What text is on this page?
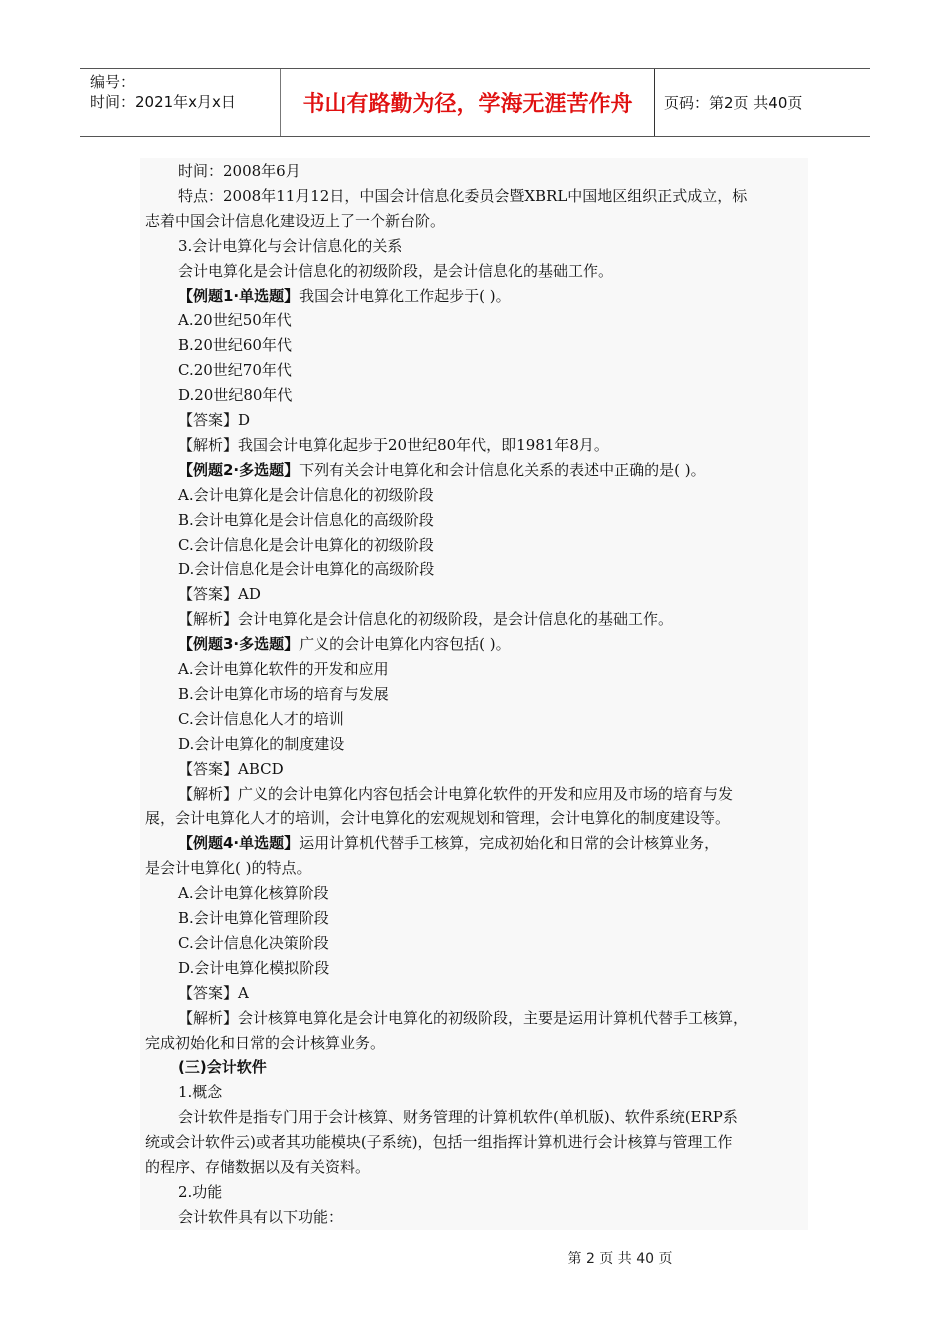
编号：
时间：2021年x月x日	书山有路勤为径，学海无涯苦作舟	页码：第2页 共40页
时间：2008年6月
特点：2008年11月12日，中国会计信息化委员会暨XBRL中国地区组织正式成立，标
志着中国会计信息化建设迈上了一个新台阶。
3.会计电算化与会计信息化的关系
会计电算化是会计信息化的初级阶段，是会计信息化的基础工作。
【例题1·单选题】我国会计电算化工作起步于( )。
A.20世纪50年代
B.20世纪60年代
C.20世纪70年代
D.20世纪80年代
【答案】D
【解析】我国会计电算化起步于20世纪80年代，即1981年8月。
【例题2·多选题】下列有关会计电算化和会计信息化关系的表述中正确的是( )。
A.会计电算化是会计信息化的初级阶段
B.会计电算化是会计信息化的高级阶段
C.会计信息化是会计电算化的初级阶段
D.会计信息化是会计电算化的高级阶段
【答案】AD
【解析】会计电算化是会计信息化的初级阶段，是会计信息化的基础工作。
【例题3·多选题】广义的会计电算化内容包括( )。
A.会计电算化软件的开发和应用
B.会计电算化市场的培育与发展
C.会计信息化人才的培训
D.会计电算化的制度建设
【答案】ABCD
【解析】广义的会计电算化内容包括会计电算化软件的开发和应用及市场的培育与发
展，会计电算化人才的培训，会计电算化的宏观规划和管理，会计电算化的制度建设等。
【例题4·单选题】运用计算机代替手工核算，完成初始化和日常的会计核算业务，
是会计电算化( )的特点。
A.会计电算化核算阶段
B.会计电算化管理阶段
C.会计信息化决策阶段
D.会计电算化模拟阶段
【答案】A
【解析】会计核算电算化是会计电算化的初级阶段，主要是运用计算机代替手工核算，
完成初始化和日常的会计核算业务。
(三)会计软件
1.概念
会计软件是指专门用于会计核算、财务管理的计算机软件(单机版)、软件系统(ERP系
统或会计软件云)或者其功能模块(子系统)，包括一组指挥计算机进行会计核算与管理工作
的程序、存储数据以及有关资料。
2.功能
会计软件具有以下功能：
第 2 页 共 40 页
